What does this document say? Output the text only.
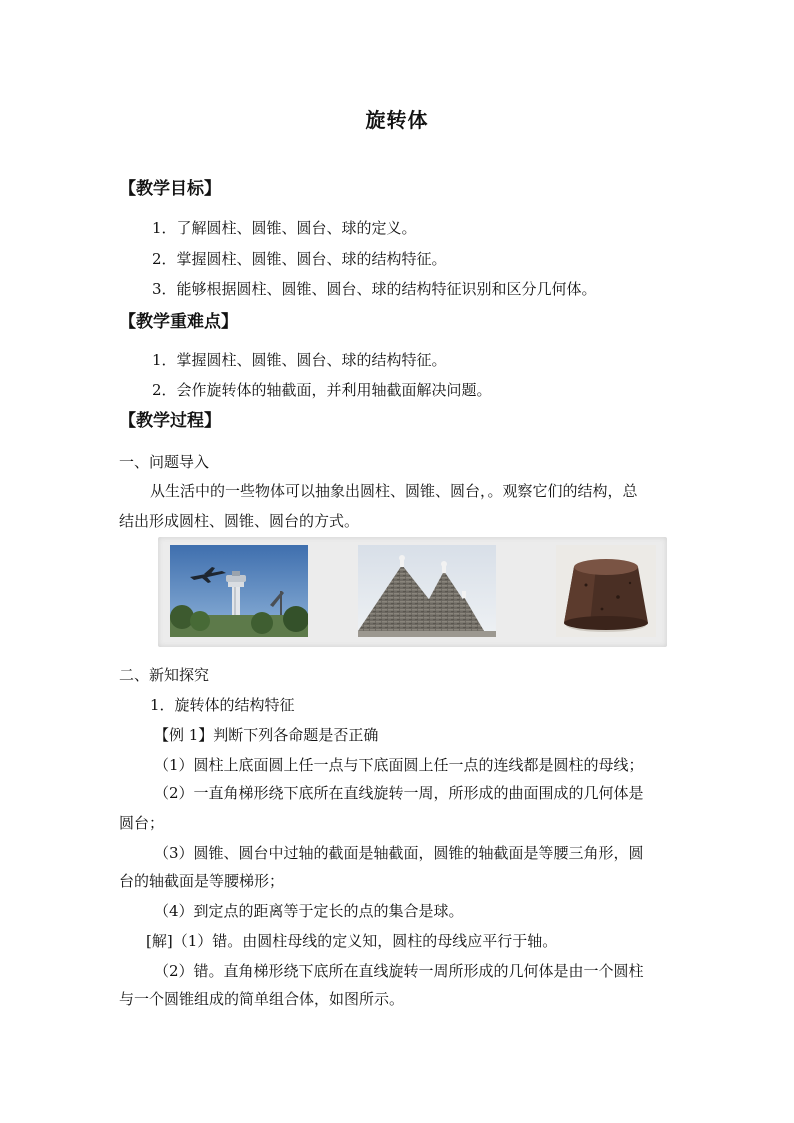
旋转体
【教学目标】
1．了解圆柱、圆锥、圆台、球的定义。
2．掌握圆柱、圆锥、圆台、球的结构特征。
3．能够根据圆柱、圆锥、圆台、球的结构特征识别和区分几何体。
【教学重难点】
1．掌握圆柱、圆锥、圆台、球的结构特征。
2．会作旋转体的轴截面，并利用轴截面解决问题。
【教学过程】
一、问题导入
从生活中的一些物体可以抽象出圆柱、圆锥、圆台，。观察它们的结构，总
结出形成圆柱、圆锥、圆台的方式。
二、新知探究
1．旋转体的结构特征
【例 1】判断下列各命题是否正确
（1）圆柱上底面圆上任一点与下底面圆上任一点的连线都是圆柱的母线；
（2）一直角梯形绕下底所在直线旋转一周，所形成的曲面围成的几何体是
圆台；
（3）圆锥、圆台中过轴的截面是轴截面，圆锥的轴截面是等腰三角形，圆
台的轴截面是等腰梯形；
（4）到定点的距离等于定长的点的集合是球。
[解]（1）错。由圆柱母线的定义知，圆柱的母线应平行于轴。
（2）错。直角梯形绕下底所在直线旋转一周所形成的几何体是由一个圆柱
与一个圆锥组成的简单组合体，如图所示。
